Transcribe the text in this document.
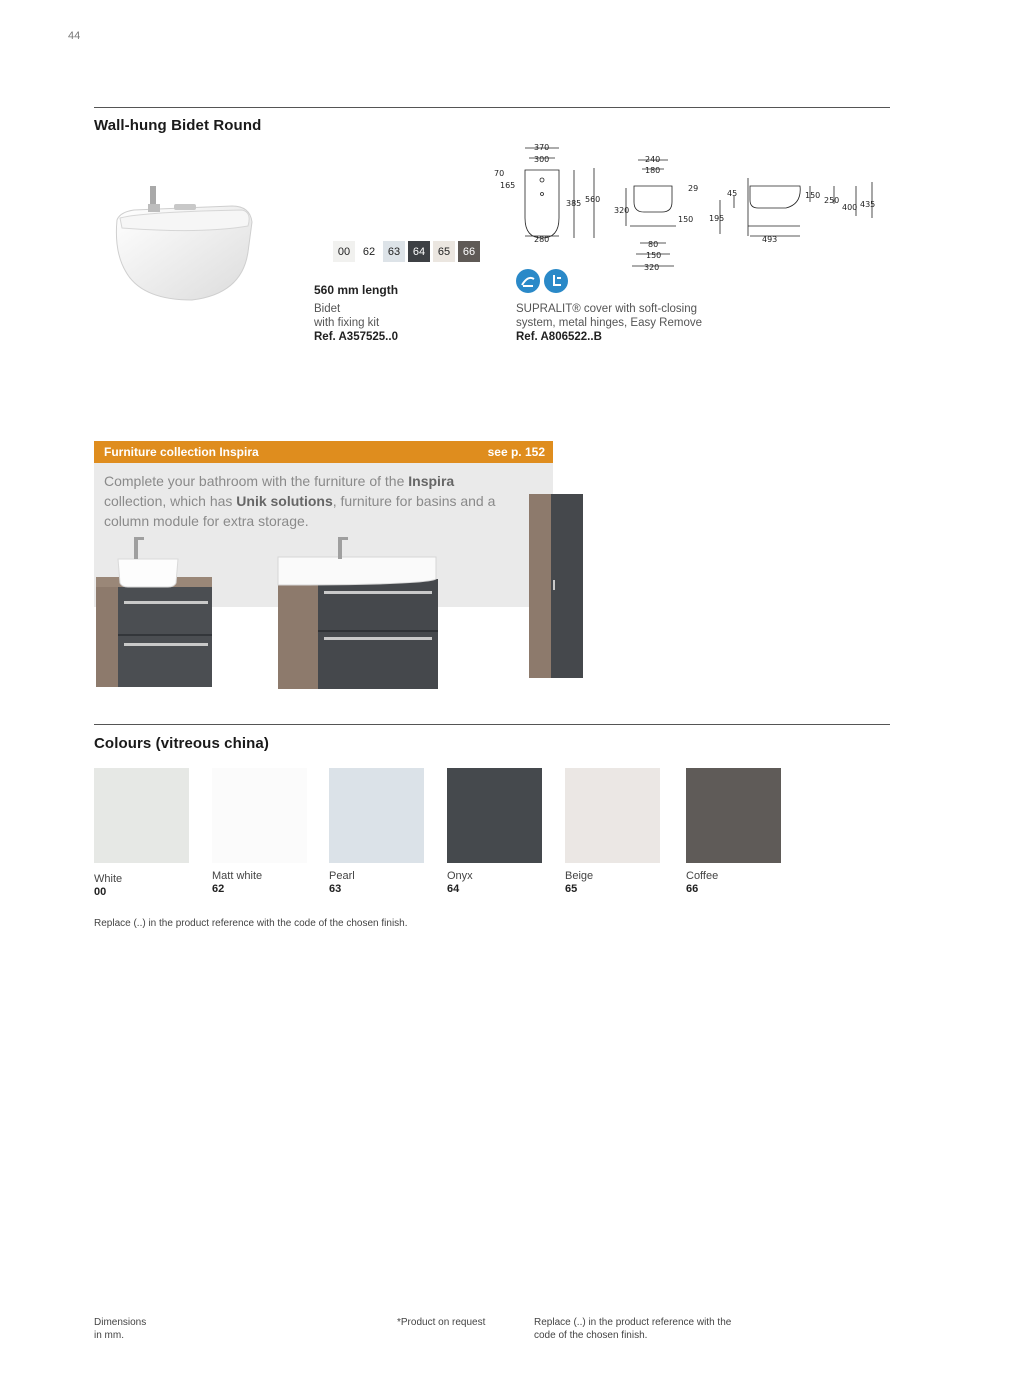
44
Wall-hung Bidet Round
00 62 63 64 65 66
560 mm length
Bidet
with fixing kit
Ref. A357525..0
370
300
70
165
385 560
280
240
180
29
320
150
80
150
320
45
195
150
250
400 435
493
SUPRALIT® cover with soft-closing
system, metal hinges, Easy Remove
Ref. A806522..B
Furniture collection Inspira	see p. 152
Complete your bathroom with the furniture of the Inspira collection, which has Unik solutions, furniture for basins and a column module for extra storage.
Colours (vitreous china)
White
00
Matt white
62
Pearl
63
Onyx
64
Beige
65
Coffee
66
Replace (..) in the product reference with the code of the chosen finish.
Dimensions
in mm.
*Product on request	Replace (..) in the product reference with the
code of the chosen finish.
